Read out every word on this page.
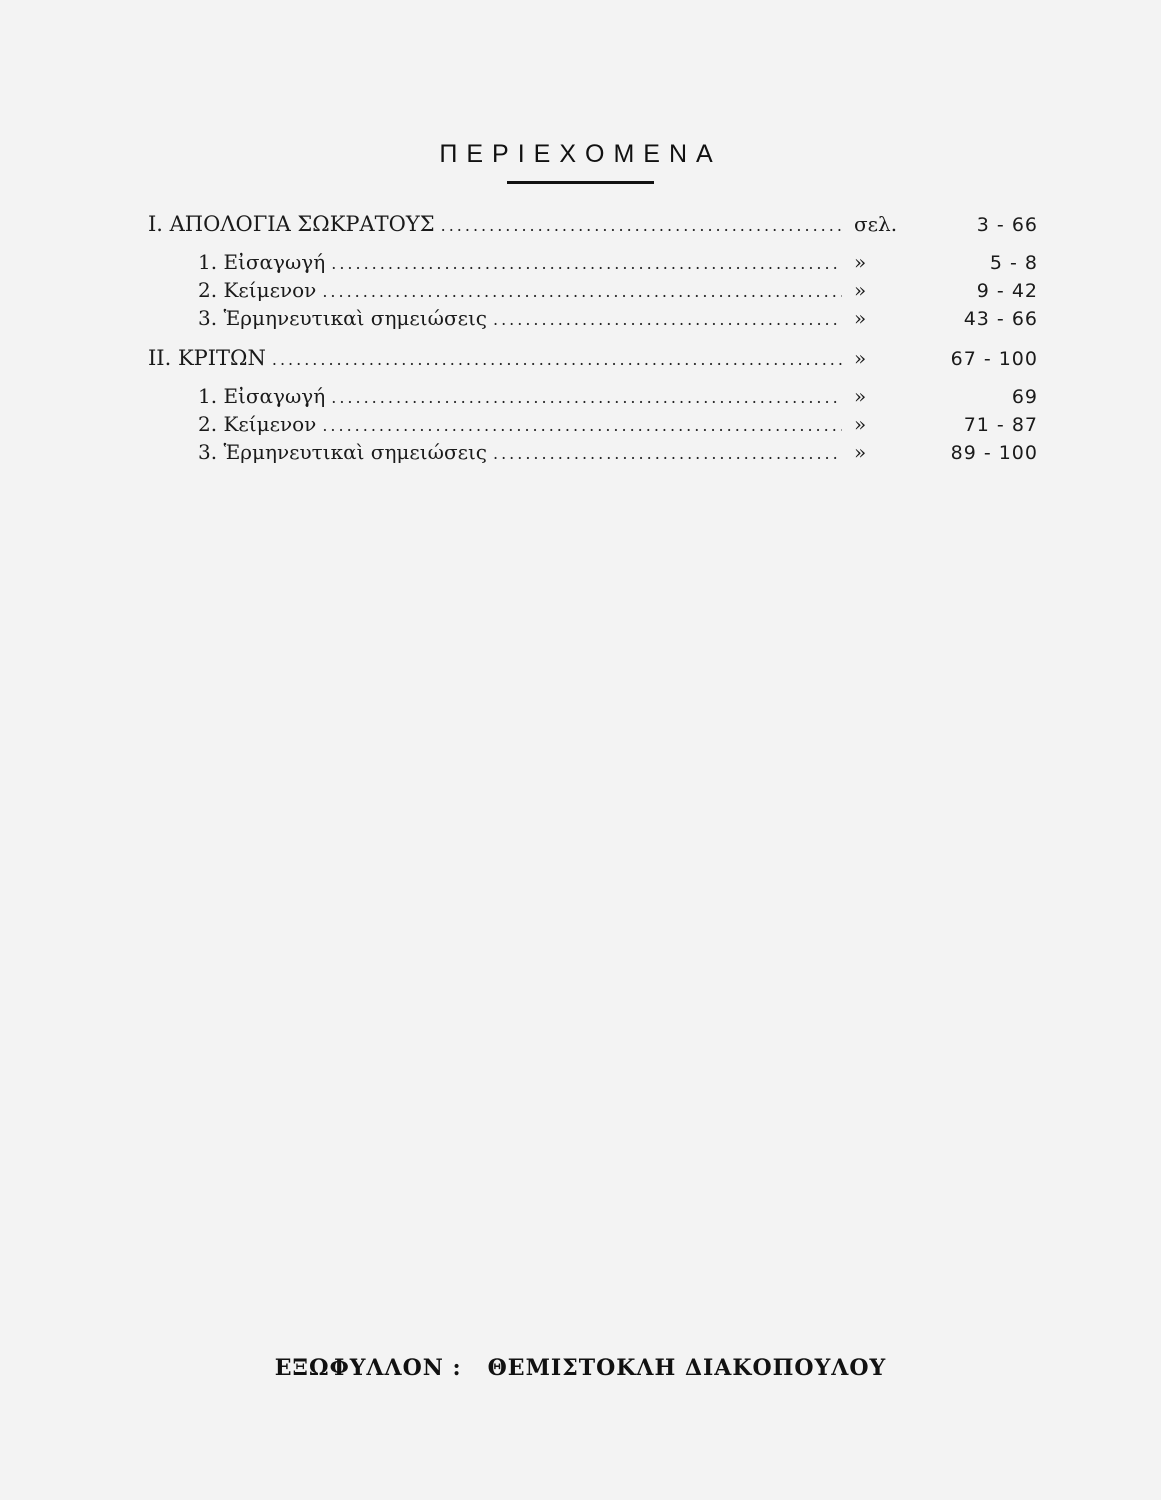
ΠΕΡΙΕΧΟΜΕΝΑ
I. ΑΠΟΛΟΓΙΑ ΣΩΚΡΑΤΟΥΣ .....	σελ.	3 - 66
1. Εἰσαγωγή .....	»	5 - 8
2. Κείμενον .....	»	9 - 42
3. Ἑρμηνευτικαὶ σημειώσεις .....	»	43 - 66
II. ΚΡΙΤΩΝ .....	»	67 - 100
1. Εἰσαγωγή .....	»	69
2. Κείμενον .....	»	71 - 87
3. Ἑρμηνευτικαὶ σημειώσεις .....	»	89 - 100
ΕΞΩΦΥΛΛΟΝ : ΘΕΜΙΣΤΟΚΛΗ ΔΙΑΚΟΠΟΥΛΟΥ
